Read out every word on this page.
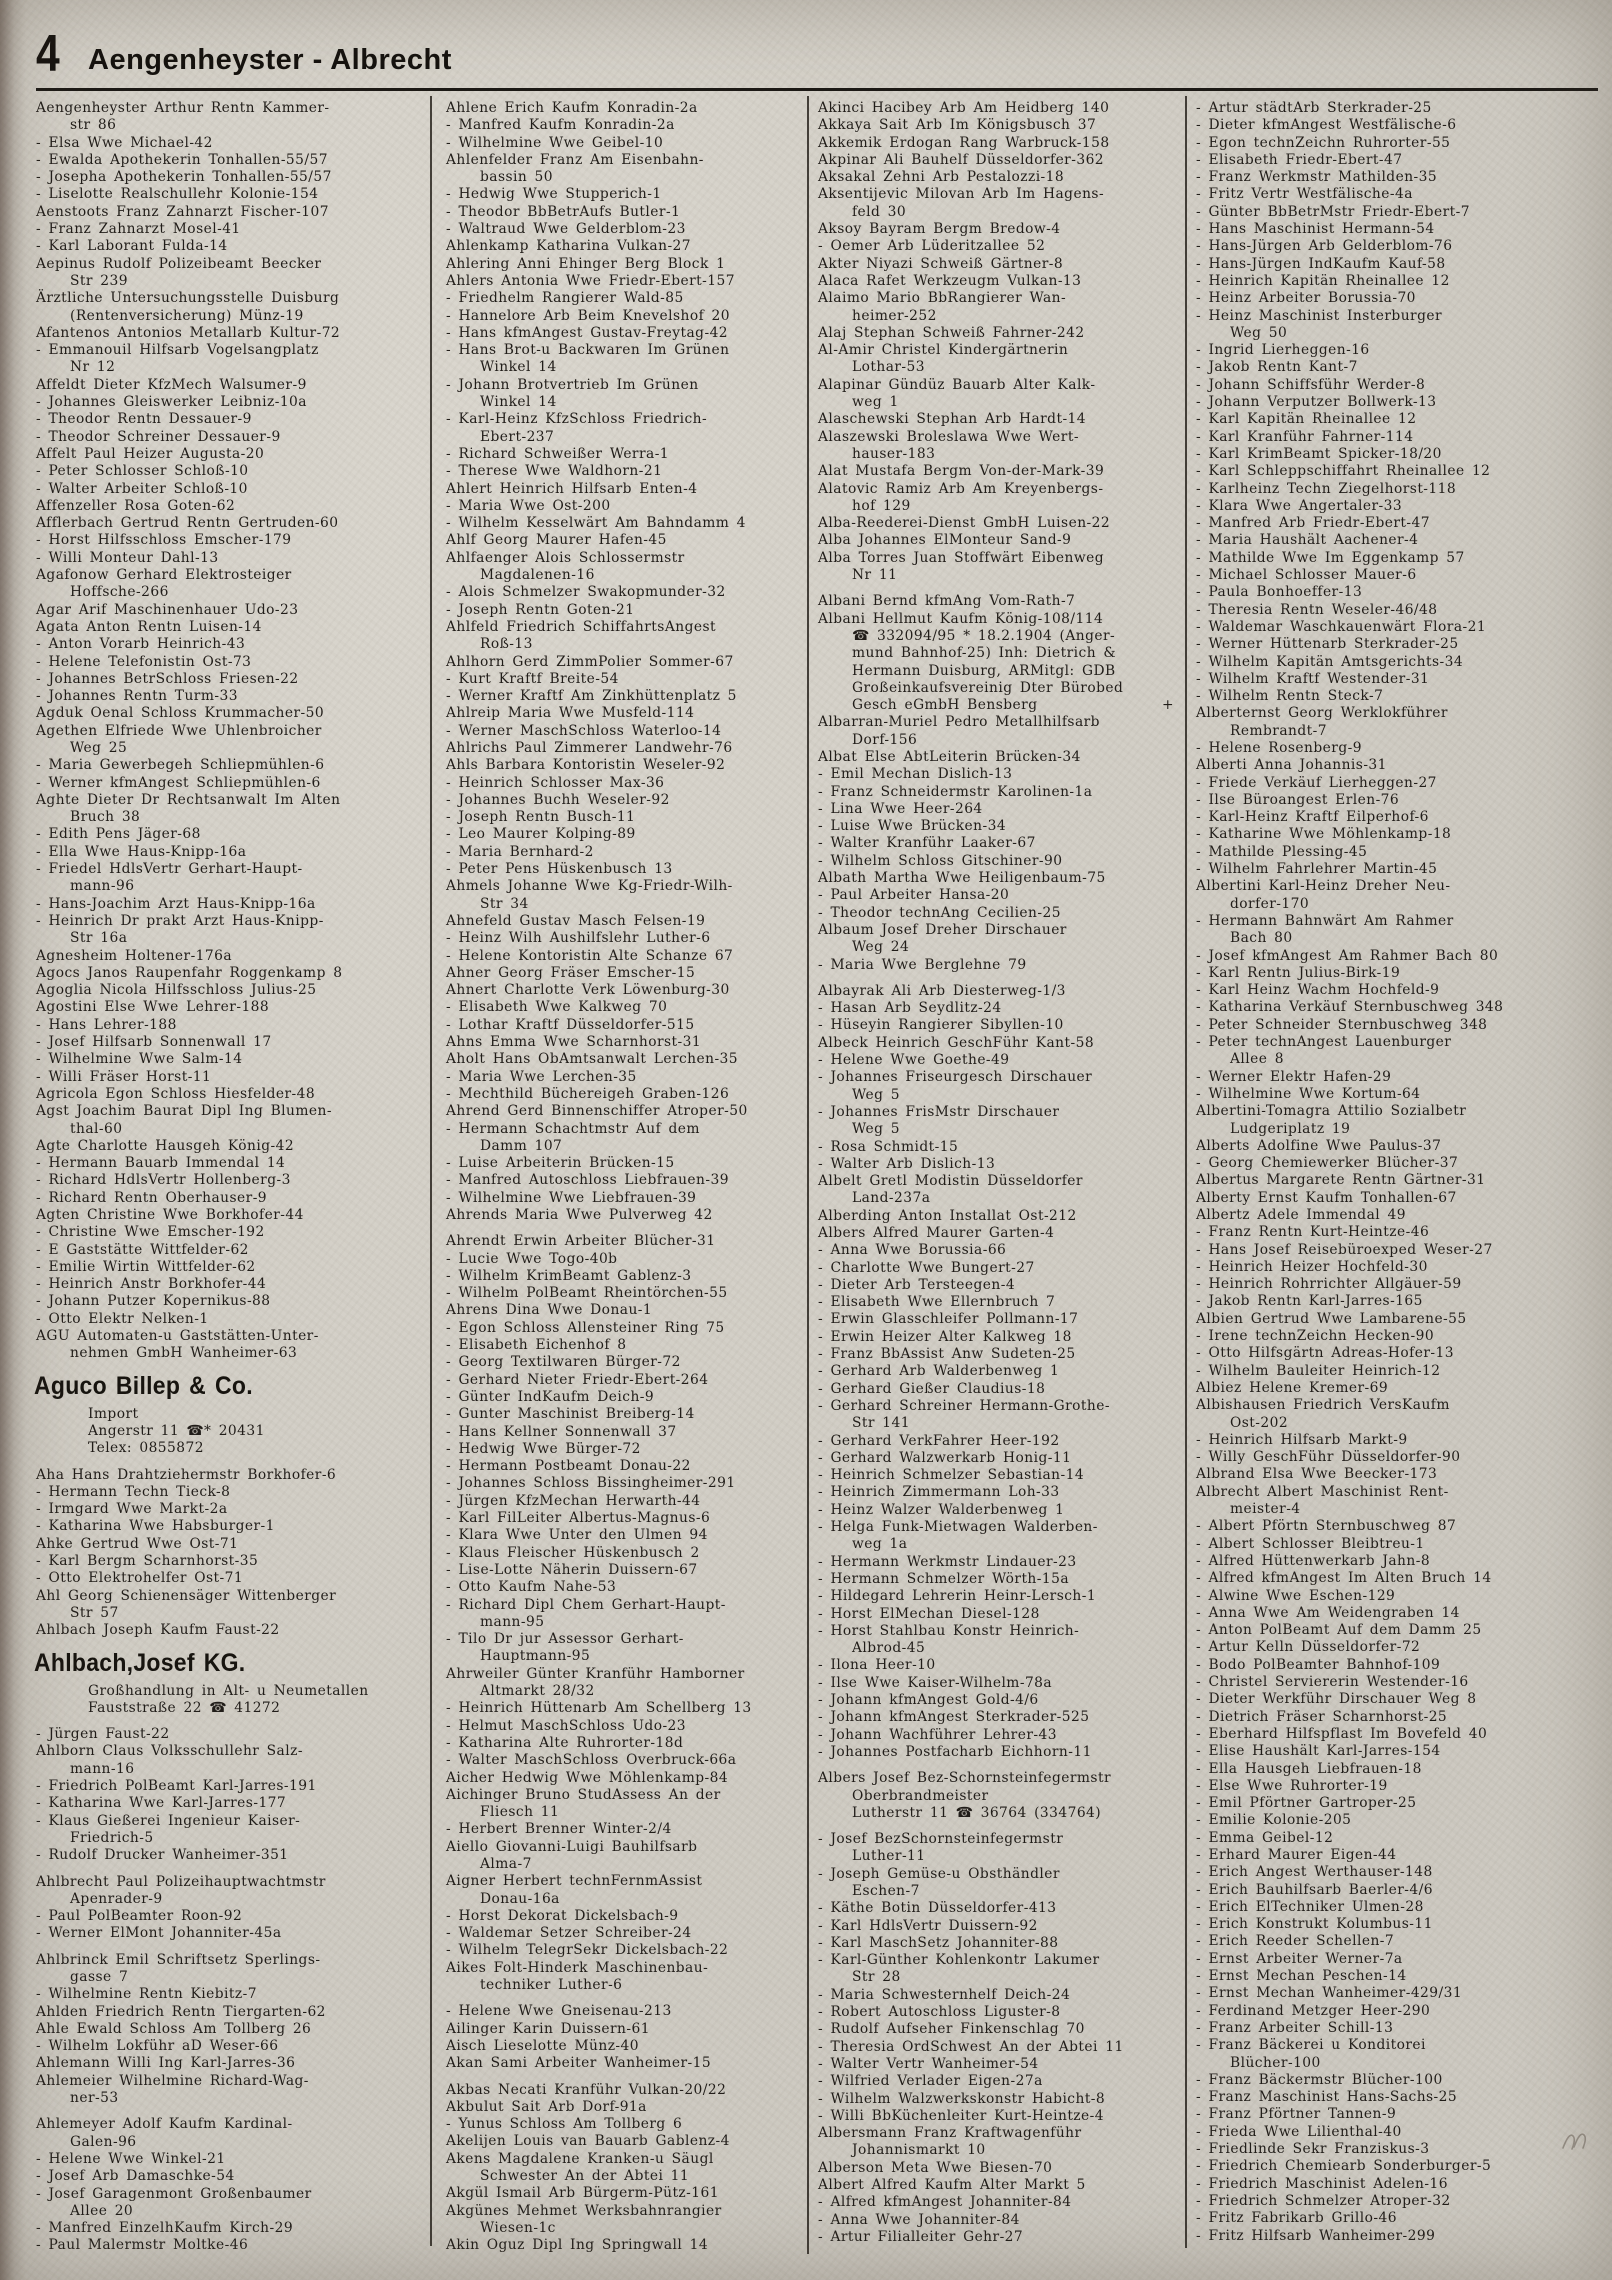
4 Aengenheyster - Albrecht
Aengenheyster Arthur Rentn Kammer-
str 86
- Elsa Wwe Michael-42
- Ewalda Apothekerin Tonhallen-55/57
- Josepha Apothekerin Tonhallen-55/57
- Liselotte Realschullehr Kolonie-154
Aenstoots Franz Zahnarzt Fischer-107
- Franz Zahnarzt Mosel-41
- Karl Laborant Fulda-14
Aepinus Rudolf Polizeibeamt Beecker
Str 239
Ärztliche Untersuchungsstelle Duisburg
(Rentenversicherung) Münz-19
Afantenos Antonios Metallarb Kultur-72
- Emmanouil Hilfsarb Vogelsangplatz
Nr 12
Affeldt Dieter KfzMech Walsumer-9
- Johannes Gleiswerker Leibniz-10a
- Theodor Rentn Dessauer-9
- Theodor Schreiner Dessauer-9
Affelt Paul Heizer Augusta-20
- Peter Schlosser Schloß-10
- Walter Arbeiter Schloß-10
Affenzeller Rosa Goten-62
Afflerbach Gertrud Rentn Gertruden-60
- Horst Hilfsschloss Emscher-179
- Willi Monteur Dahl-13
Agafonow Gerhard Elektrosteiger
Hoffsche-266
Agar Arif Maschinenhauer Udo-23
Agata Anton Rentn Luisen-14
- Anton Vorarb Heinrich-43
- Helene Telefonistin Ost-73
- Johannes BetrSchloss Friesen-22
- Johannes Rentn Turm-33
Agduk Oenal Schloss Krummacher-50
Agethen Elfriede Wwe Uhlenbroicher
Weg 25
- Maria Gewerbegeh Schliepmühlen-6
- Werner kfmAngest Schliepmühlen-6
Aghte Dieter Dr Rechtsanwalt Im Alten
Bruch 38
- Edith Pens Jäger-68
- Ella Wwe Haus-Knipp-16a
- Friedel HdlsVertr Gerhart-Haupt-
mann-96
- Hans-Joachim Arzt Haus-Knipp-16a
- Heinrich Dr prakt Arzt Haus-Knipp-
Str 16a
Agnesheim Holtener-176a
Agocs Janos Raupenfahr Roggenkamp 8
Agoglia Nicola Hilfsschloss Julius-25
Agostini Else Wwe Lehrer-188
- Hans Lehrer-188
- Josef Hilfsarb Sonnenwall 17
- Wilhelmine Wwe Salm-14
- Willi Fräser Horst-11
Agricola Egon Schloss Hiesfelder-48
Agst Joachim Baurat Dipl Ing Blumen-
thal-60
Agte Charlotte Hausgeh König-42
- Hermann Bauarb Immendal 14
- Richard HdlsVertr Hollenberg-3
- Richard Rentn Oberhauser-9
Agten Christine Wwe Borkhofer-44
- Christine Wwe Emscher-192
- E Gaststätte Wittfelder-62
- Emilie Wirtin Wittfelder-62
- Heinrich Anstr Borkhofer-44
- Johann Putzer Kopernikus-88
- Otto Elektr Nelken-1
AGU Automaten-u Gaststätten-Unter-
nehmen GmbH Wanheimer-63
Aguco Billep & Co.
Import
Angerstr 11 ☎* 20431
Telex: 0855872
Aha Hans Drahtziehermstr Borkhofer-6
- Hermann Techn Tieck-8
- Irmgard Wwe Markt-2a
- Katharina Wwe Habsburger-1
Ahke Gertrud Wwe Ost-71
- Karl Bergm Scharnhorst-35
- Otto Elektrohelfer Ost-71
Ahl Georg Schienensäger Wittenberger
Str 57
Ahlbach Joseph Kaufm Faust-22
Ahlbach,Josef KG.
Großhandlung in Alt- u Neumetallen
Fauststraße 22 ☎ 41272
- Jürgen Faust-22
Ahlborn Claus Volksschullehr Salz-
mann-16
- Friedrich PolBeamt Karl-Jarres-191
- Katharina Wwe Karl-Jarres-177
- Klaus Gießerei Ingenieur Kaiser-
Friedrich-5
- Rudolf Drucker Wanheimer-351
Ahlbrecht Paul Polizeihauptwachtmstr
Apenrader-9
- Paul PolBeamter Roon-92
- Werner ElMont Johanniter-45a
Ahlbrinck Emil Schriftsetz Sperlings-
gasse 7
- Wilhelmine Rentn Kiebitz-7
Ahlden Friedrich Rentn Tiergarten-62
Ahle Ewald Schloss Am Tollberg 26
- Wilhelm Lokführ aD Weser-66
Ahlemann Willi Ing Karl-Jarres-36
Ahlemeier Wilhelmine Richard-Wag-
ner-53
Ahlemeyer Adolf Kaufm Kardinal-
Galen-96
- Helene Wwe Winkel-21
- Josef Arb Damaschke-54
- Josef Garagenmont Großenbaumer
Allee 20
- Manfred EinzelhKaufm Kirch-29
- Paul Malermstr Moltke-46
Ahlene Erich Kaufm Konradin-2a
- Manfred Kaufm Konradin-2a
- Wilhelmine Wwe Geibel-10
Ahlenfelder Franz Am Eisenbahn-
bassin 50
- Hedwig Wwe Stupperich-1
- Theodor BbBetrAufs Butler-1
- Waltraud Wwe Gelderblom-23
Ahlenkamp Katharina Vulkan-27
Ahlering Anni Ehinger Berg Block 1
Ahlers Antonia Wwe Friedr-Ebert-157
- Friedhelm Rangierer Wald-85
- Hannelore Arb Beim Knevelshof 20
- Hans kfmAngest Gustav-Freytag-42
- Hans Brot-u Backwaren Im Grünen
Winkel 14
- Johann Brotvertrieb Im Grünen
Winkel 14
- Karl-Heinz KfzSchloss Friedrich-
Ebert-237
- Richard Schweißer Werra-1
- Therese Wwe Waldhorn-21
Ahlert Heinrich Hilfsarb Enten-4
- Maria Wwe Ost-200
- Wilhelm Kesselwärt Am Bahndamm 4
Ahlf Georg Maurer Hafen-45
Ahlfaenger Alois Schlossermstr
Magdalenen-16
- Alois Schmelzer Swakopmunder-32
- Joseph Rentn Goten-21
Ahlfeld Friedrich SchiffahrtsAngest
Roß-13
Ahlhorn Gerd ZimmPolier Sommer-67
- Kurt Kraftf Breite-54
- Werner Kraftf Am Zinkhüttenplatz 5
Ahlreip Maria Wwe Musfeld-114
- Werner MaschSchloss Waterloo-14
Ahlrichs Paul Zimmerer Landwehr-76
Ahls Barbara Kontoristin Weseler-92
- Heinrich Schlosser Max-36
- Johannes Buchh Weseler-92
- Joseph Rentn Busch-11
- Leo Maurer Kolping-89
- Maria Bernhard-2
- Peter Pens Hüskenbusch 13
Ahmels Johanne Wwe Kg-Friedr-Wilh-
Str 34
Ahnefeld Gustav Masch Felsen-19
- Heinz Wilh Aushilfslehr Luther-6
- Helene Kontoristin Alte Schanze 67
Ahner Georg Fräser Emscher-15
Ahnert Charlotte Verk Löwenburg-30
- Elisabeth Wwe Kalkweg 70
- Lothar Kraftf Düsseldorfer-515
Ahns Emma Wwe Scharnhorst-31
Aholt Hans ObAmtsanwalt Lerchen-35
- Maria Wwe Lerchen-35
- Mechthild Büchereigeh Graben-126
Ahrend Gerd Binnenschiffer Atroper-50
- Hermann Schachtmstr Auf dem
Damm 107
- Luise Arbeiterin Brücken-15
- Manfred Autoschloss Liebfrauen-39
- Wilhelmine Wwe Liebfrauen-39
Ahrends Maria Wwe Pulverweg 42
Ahrendt Erwin Arbeiter Blücher-31
- Lucie Wwe Togo-40b
- Wilhelm KrimBeamt Gablenz-3
- Wilhelm PolBeamt Rheintörchen-55
Ahrens Dina Wwe Donau-1
- Egon Schloss Allensteiner Ring 75
- Elisabeth Eichenhof 8
- Georg Textilwaren Bürger-72
- Gerhard Nieter Friedr-Ebert-264
- Günter IndKaufm Deich-9
- Gunter Maschinist Breiberg-14
- Hans Kellner Sonnenwall 37
- Hedwig Wwe Bürger-72
- Hermann Postbeamt Donau-22
- Johannes Schloss Bissingheimer-291
- Jürgen KfzMechan Herwarth-44
- Karl FilLeiter Albertus-Magnus-6
- Klara Wwe Unter den Ulmen 94
- Klaus Fleischer Hüskenbusch 2
- Lise-Lotte Näherin Duissern-67
- Otto Kaufm Nahe-53
- Richard Dipl Chem Gerhart-Haupt-
mann-95
- Tilo Dr jur Assessor Gerhart-
Hauptmann-95
Ahrweiler Günter Kranführ Hamborner
Altmarkt 28/32
- Heinrich Hüttenarb Am Schellberg 13
- Helmut MaschSchloss Udo-23
- Katharina Alte Ruhrorter-18d
- Walter MaschSchloss Overbruck-66a
Aicher Hedwig Wwe Möhlenkamp-84
Aichinger Bruno StudAssess An der
Fliesch 11
- Herbert Brenner Winter-2/4
Aiello Giovanni-Luigi Bauhilfsarb
Alma-7
Aigner Herbert technFernmAssist
Donau-16a
- Horst Dekorat Dickelsbach-9
- Waldemar Setzer Schreiber-24
- Wilhelm TelegrSekr Dickelsbach-22
Aikes Folt-Hinderk Maschinenbau-
techniker Luther-6
- Helene Wwe Gneisenau-213
Ailinger Karin Duissern-61
Aisch Lieselotte Münz-40
Akan Sami Arbeiter Wanheimer-15
Akbas Necati Kranführ Vulkan-20/22
Akbulut Sait Arb Dorf-91a
- Yunus Schloss Am Tollberg 6
Akelijen Louis van Bauarb Gablenz-4
Akens Magdalene Kranken-u Säugl
Schwester An der Abtei 11
Akgül Ismail Arb Bürgerm-Pütz-161
Akgünes Mehmet Werksbahnrangier
Wiesen-1c
Akin Oguz Dipl Ing Springwall 14
Akinci Hacibey Arb Am Heidberg 140
Akkaya Sait Arb Im Königsbusch 37
Akkemik Erdogan Rang Warbruck-158
Akpinar Ali Bauhelf Düsseldorfer-362
Aksakal Zehni Arb Pestalozzi-18
Aksentijevic Milovan Arb Im Hagens-
feld 30
Aksoy Bayram Bergm Bredow-4
- Oemer Arb Lüderitzallee 52
Akter Niyazi Schweiß Gärtner-8
Alaca Rafet Werkzeugm Vulkan-13
Alaimo Mario BbRangierer Wan-
heimer-252
Alaj Stephan Schweiß Fahrner-242
Al-Amir Christel Kindergärtnerin
Lothar-53
Alapinar Gündüz Bauarb Alter Kalk-
weg 1
Alaschewski Stephan Arb Hardt-14
Alaszewski Broleslawa Wwe Wert-
hauser-183
Alat Mustafa Bergm Von-der-Mark-39
Alatovic Ramiz Arb Am Kreyenbergs-
hof 129
Alba-Reederei-Dienst GmbH Luisen-22
Alba Johannes ElMonteur Sand-9
Alba Torres Juan Stoffwärt Eibenweg
Nr 11
Albani Bernd kfmAng Vom-Rath-7
Albani Hellmut Kaufm König-108/114
☎ 332094/95 * 18.2.1904 (Anger-
mund Bahnhof-25) Inh: Dietrich &
Hermann Duisburg, ARMitgl: GDB
Großeinkaufsvereinig Dter Bürobed
Gesch eGmbH Bensberg	+
Albarran-Muriel Pedro Metallhilfsarb
Dorf-156
Albat Else AbtLeiterin Brücken-34
- Emil Mechan Dislich-13
- Franz Schneidermstr Karolinen-1a
- Lina Wwe Heer-264
- Luise Wwe Brücken-34
- Walter Kranführ Laaker-67
- Wilhelm Schloss Gitschiner-90
Albath Martha Wwe Heiligenbaum-75
- Paul Arbeiter Hansa-20
- Theodor technAng Cecilien-25
Albaum Josef Dreher Dirschauer
Weg 24
- Maria Wwe Berglehne 79
Albayrak Ali Arb Diesterweg-1/3
- Hasan Arb Seydlitz-24
- Hüseyin Rangierer Sibyllen-10
Albeck Heinrich GeschFühr Kant-58
- Helene Wwe Goethe-49
- Johannes Friseurgesch Dirschauer
Weg 5
- Johannes FrisMstr Dirschauer
Weg 5
- Rosa Schmidt-15
- Walter Arb Dislich-13
Albelt Gretl Modistin Düsseldorfer
Land-237a
Alberding Anton Installat Ost-212
Albers Alfred Maurer Garten-4
- Anna Wwe Borussia-66
- Charlotte Wwe Bungert-27
- Dieter Arb Tersteegen-4
- Elisabeth Wwe Ellernbruch 7
- Erwin Glasschleifer Pollmann-17
- Erwin Heizer Alter Kalkweg 18
- Franz BbAssist Anw Sudeten-25
- Gerhard Arb Walderbenweg 1
- Gerhard Gießer Claudius-18
- Gerhard Schreiner Hermann-Grothe-
Str 141
- Gerhard VerkFahrer Heer-192
- Gerhard Walzwerkarb Honig-11
- Heinrich Schmelzer Sebastian-14
- Heinrich Zimmermann Loh-33
- Heinz Walzer Walderbenweg 1
- Helga Funk-Mietwagen Walderben-
weg 1a
- Hermann Werkmstr Lindauer-23
- Hermann Schmelzer Wörth-15a
- Hildegard Lehrerin Heinr-Lersch-1
- Horst ElMechan Diesel-128
- Horst Stahlbau Konstr Heinrich-
Albrod-45
- Ilona Heer-10
- Ilse Wwe Kaiser-Wilhelm-78a
- Johann kfmAngest Gold-4/6
- Johann kfmAngest Sterkrader-525
- Johann Wachführer Lehrer-43
- Johannes Postfacharb Eichhorn-11
Albers Josef Bez-Schornsteinfegermstr
Oberbrandmeister
Lutherstr 11 ☎ 36764 (334764)
- Josef BezSchornsteinfegermstr
Luther-11
- Joseph Gemüse-u Obsthändler
Eschen-7
- Käthe Botin Düsseldorfer-413
- Karl HdlsVertr Duissern-92
- Karl MaschSetz Johanniter-88
- Karl-Günther Kohlenkontr Lakumer
Str 28
- Maria Schwesternhelf Deich-24
- Robert Autoschloss Liguster-8
- Rudolf Aufseher Finkenschlag 70
- Theresia OrdSchwest An der Abtei 11
- Walter Vertr Wanheimer-54
- Wilfried Verlader Eigen-27a
- Wilhelm Walzwerkskonstr Habicht-8
- Willi BbKüchenleiter Kurt-Heintze-4
Albersmann Franz Kraftwagenführ
Johannismarkt 10
Alberson Meta Wwe Biesen-70
Albert Alfred Kaufm Alter Markt 5
- Alfred kfmAngest Johanniter-84
- Anna Wwe Johanniter-84
- Artur Filialleiter Gehr-27
- Artur städtArb Sterkrader-25
- Dieter kfmAngest Westfälische-6
- Egon technZeichn Ruhrorter-55
- Elisabeth Friedr-Ebert-47
- Franz Werkmstr Mathilden-35
- Fritz Vertr Westfälische-4a
- Günter BbBetrMstr Friedr-Ebert-7
- Hans Maschinist Hermann-54
- Hans-Jürgen Arb Gelderblom-76
- Hans-Jürgen IndKaufm Kauf-58
- Heinrich Kapitän Rheinallee 12
- Heinz Arbeiter Borussia-70
- Heinz Maschinist Insterburger
Weg 50
- Ingrid Lierheggen-16
- Jakob Rentn Kant-7
- Johann Schiffsführ Werder-8
- Johann Verputzer Bollwerk-13
- Karl Kapitän Rheinallee 12
- Karl Kranführ Fahrner-114
- Karl KrimBeamt Spicker-18/20
- Karl Schleppschiffahrt Rheinallee 12
- Karlheinz Techn Ziegelhorst-118
- Klara Wwe Angertaler-33
- Manfred Arb Friedr-Ebert-47
- Maria Haushält Aachener-4
- Mathilde Wwe Im Eggenkamp 57
- Michael Schlosser Mauer-6
- Paula Bonhoeffer-13
- Theresia Rentn Weseler-46/48
- Waldemar Waschkauenwärt Flora-21
- Werner Hüttenarb Sterkrader-25
- Wilhelm Kapitän Amtsgerichts-34
- Wilhelm Kraftf Westender-31
- Wilhelm Rentn Steck-7
Alberternst Georg Werklokführer
Rembrandt-7
- Helene Rosenberg-9
Alberti Anna Johannis-31
- Friede Verkäuf Lierheggen-27
- Ilse Büroangest Erlen-76
- Karl-Heinz Kraftf Eilperhof-6
- Katharine Wwe Möhlenkamp-18
- Mathilde Plessing-45
- Wilhelm Fahrlehrer Martin-45
Albertini Karl-Heinz Dreher Neu-
dorfer-170
- Hermann Bahnwärt Am Rahmer
Bach 80
- Josef kfmAngest Am Rahmer Bach 80
- Karl Rentn Julius-Birk-19
- Karl Heinz Wachm Hochfeld-9
- Katharina Verkäuf Sternbuschweg 348
- Peter Schneider Sternbuschweg 348
- Peter technAngest Lauenburger
Allee 8
- Werner Elektr Hafen-29
- Wilhelmine Wwe Kortum-64
Albertini-Tomagra Attilio Sozialbetr
Ludgeriplatz 19
Alberts Adolfine Wwe Paulus-37
- Georg Chemiewerker Blücher-37
Albertus Margarete Rentn Gärtner-31
Alberty Ernst Kaufm Tonhallen-67
Albertz Adele Immendal 49
- Franz Rentn Kurt-Heintze-46
- Hans Josef Reisebüroexped Weser-27
- Heinrich Heizer Hochfeld-30
- Heinrich Rohrrichter Allgäuer-59
- Jakob Rentn Karl-Jarres-165
Albien Gertrud Wwe Lambarene-55
- Irene technZeichn Hecken-90
- Otto Hilfsgärtn Adreas-Hofer-13
- Wilhelm Bauleiter Heinrich-12
Albiez Helene Kremer-69
Albishausen Friedrich VersKaufm
Ost-202
- Heinrich Hilfsarb Markt-9
- Willy GeschFühr Düsseldorfer-90
Albrand Elsa Wwe Beecker-173
Albrecht Albert Maschinist Rent-
meister-4
- Albert Pförtn Sternbuschweg 87
- Albert Schlosser Bleibtreu-1
- Alfred Hüttenwerkarb Jahn-8
- Alfred kfmAngest Im Alten Bruch 14
- Alwine Wwe Eschen-129
- Anna Wwe Am Weidengraben 14
- Anton PolBeamt Auf dem Damm 25
- Artur Kelln Düsseldorfer-72
- Bodo PolBeamter Bahnhof-109
- Christel Serviererin Westender-16
- Dieter Werkführ Dirschauer Weg 8
- Dietrich Fräser Scharnhorst-25
- Eberhard Hilfspflast Im Bovefeld 40
- Elise Haushält Karl-Jarres-154
- Ella Hausgeh Liebfrauen-18
- Else Wwe Ruhrorter-19
- Emil Pförtner Gartroper-25
- Emilie Kolonie-205
- Emma Geibel-12
- Erhard Maurer Eigen-44
- Erich Angest Werthauser-148
- Erich Bauhilfsarb Baerler-4/6
- Erich ElTechniker Ulmen-28
- Erich Konstrukt Kolumbus-11
- Erich Reeder Schellen-7
- Ernst Arbeiter Werner-7a
- Ernst Mechan Peschen-14
- Ernst Mechan Wanheimer-429/31
- Ferdinand Metzger Heer-290
- Franz Arbeiter Schill-13
- Franz Bäckerei u Konditorei
Blücher-100
- Franz Bäckermstr Blücher-100
- Franz Maschinist Hans-Sachs-25
- Franz Pförtner Tannen-9
- Frieda Wwe Lilienthal-40
- Friedlinde Sekr Franziskus-3
- Friedrich Chemiearb Sonderburger-5
- Friedrich Maschinist Adelen-16
- Friedrich Schmelzer Atroper-32
- Fritz Fabrikarb Grillo-46
- Fritz Hilfsarb Wanheimer-299
